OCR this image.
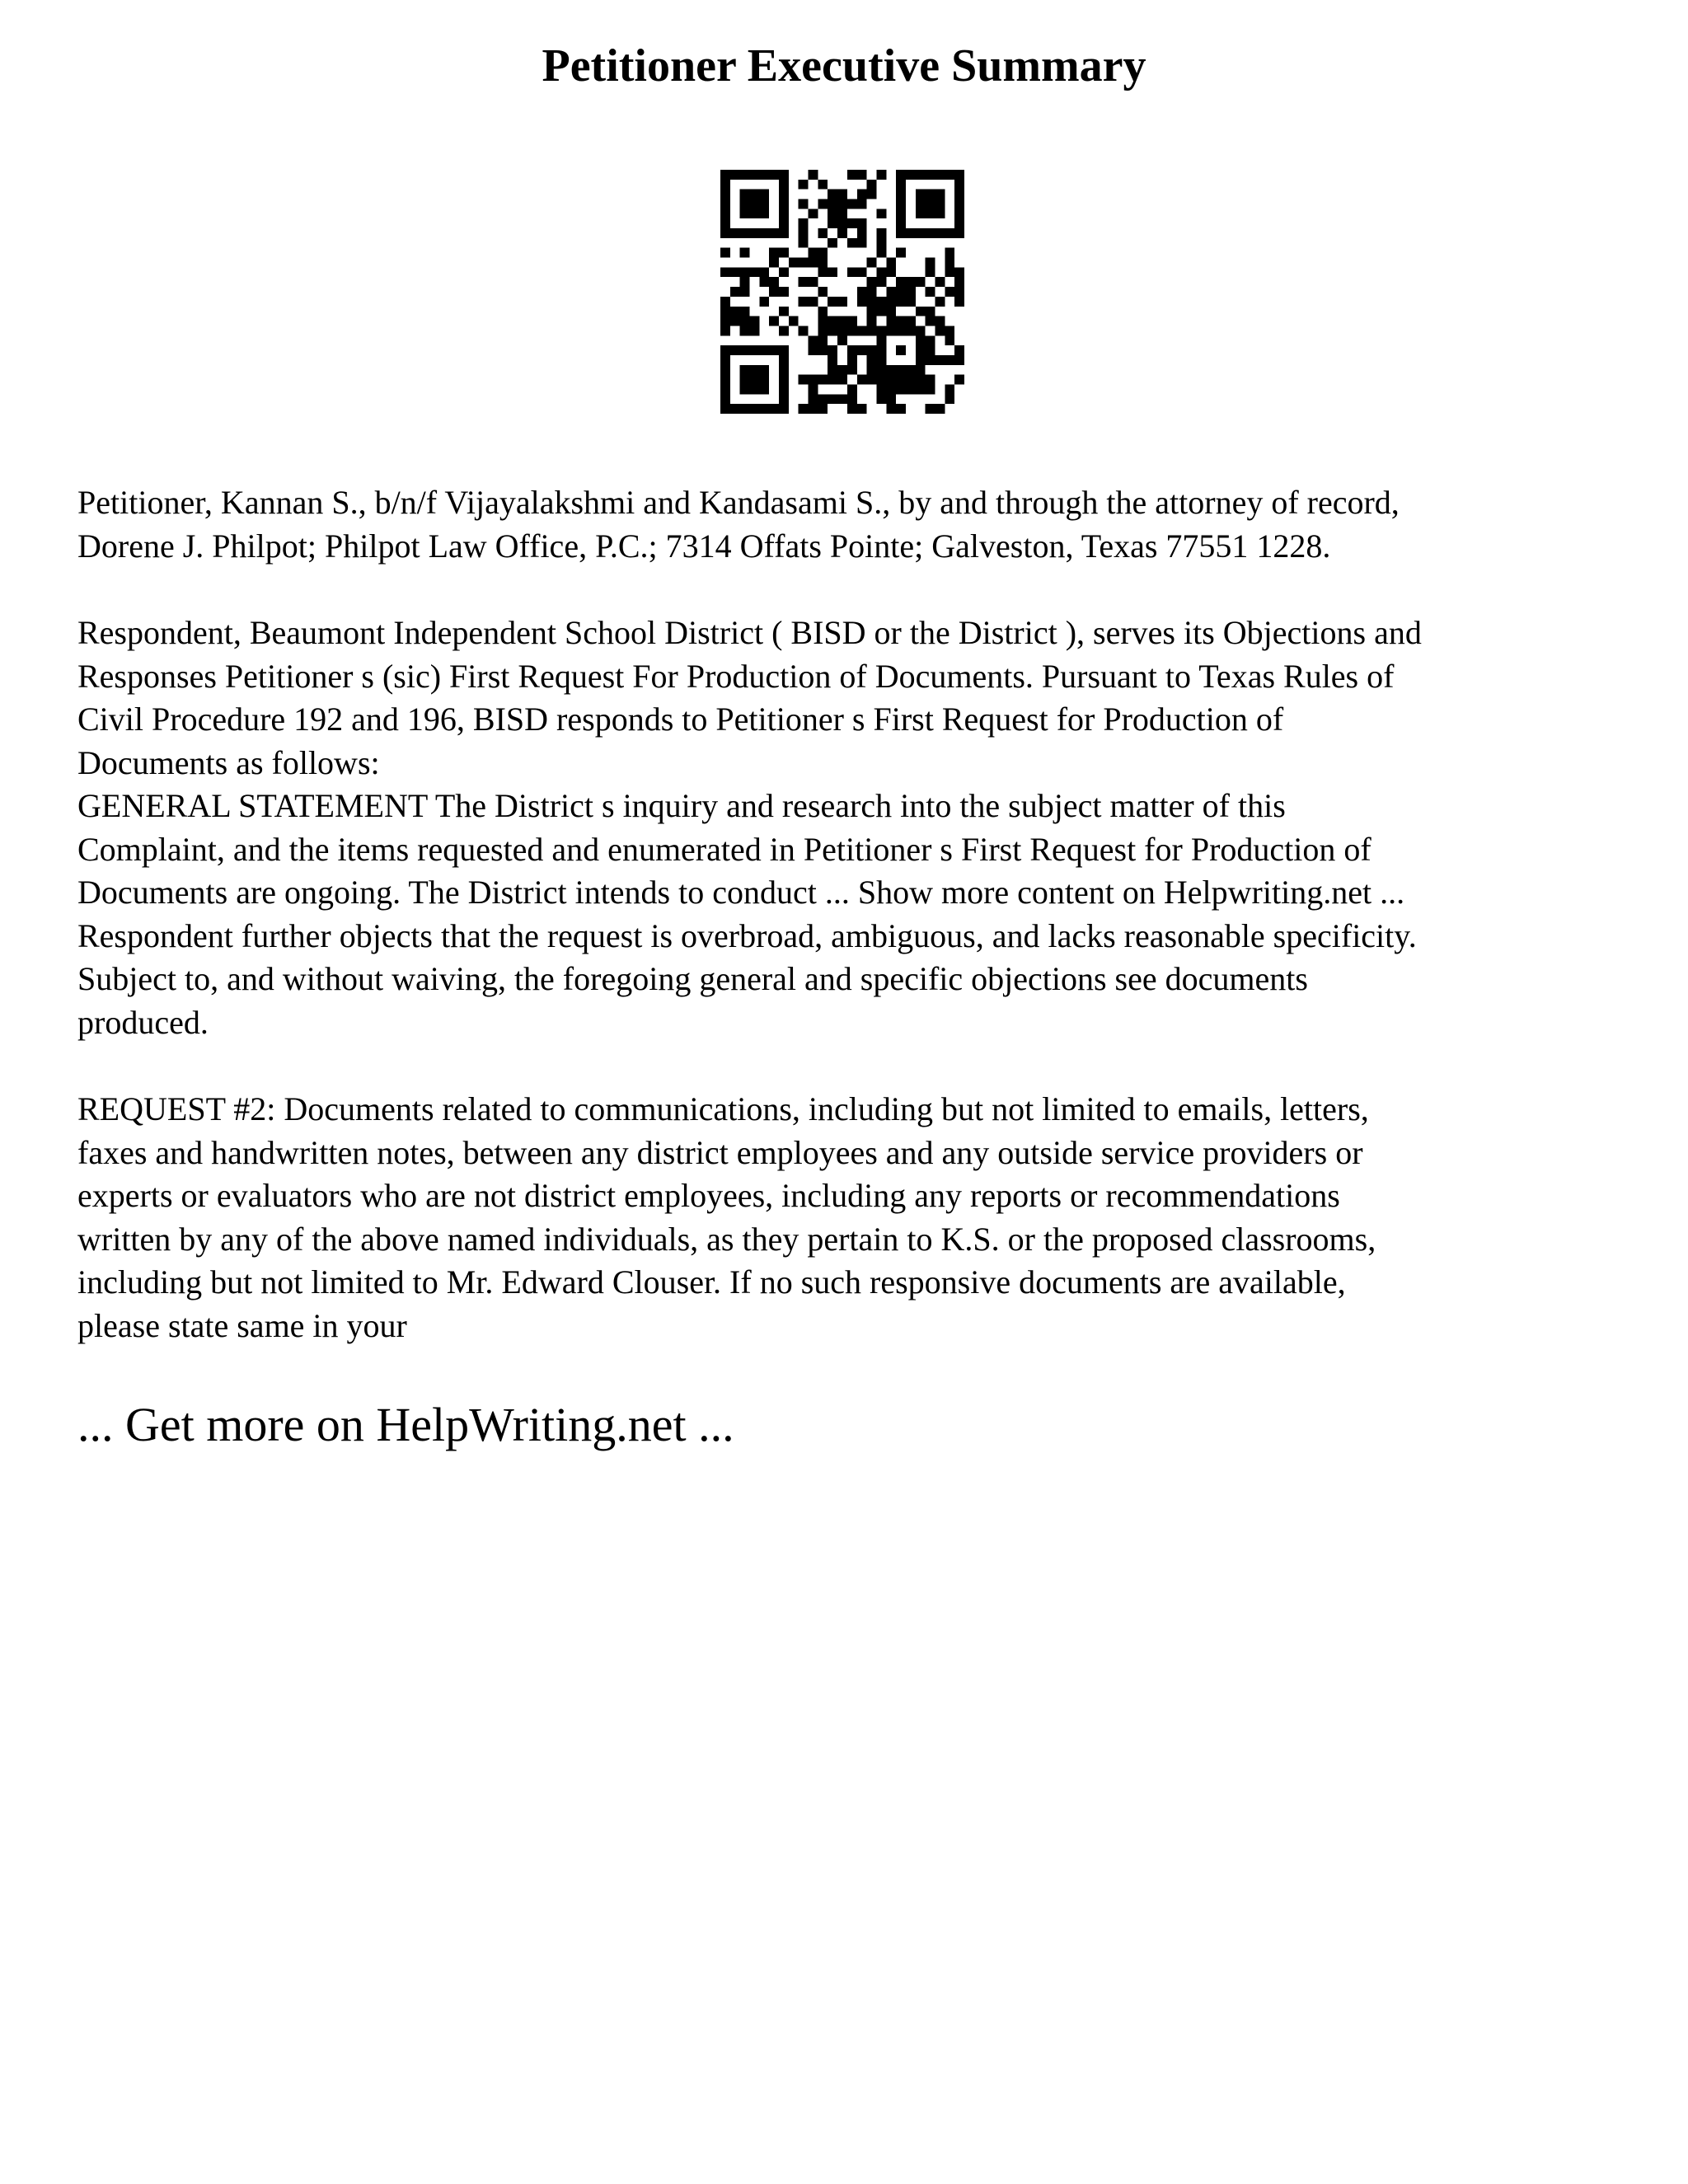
Petitioner Executive Summary
Petitioner, Kannan S., b/n/f Vijayalakshmi and Kandasami S., by and through the attorney of record,
Dorene J. Philpot; Philpot Law Office, P.C.; 7314 Offats Pointe; Galveston, Texas 77551 1228.
Respondent, Beaumont Independent School District ( BISD or the District ), serves its Objections and
Responses Petitioner s (sic) First Request For Production of Documents. Pursuant to Texas Rules of
Civil Procedure 192 and 196, BISD responds to Petitioner s First Request for Production of
Documents as follows:
GENERAL STATEMENT The District s inquiry and research into the subject matter of this
Complaint, and the items requested and enumerated in Petitioner s First Request for Production of
Documents are ongoing. The District intends to conduct ... Show more content on Helpwriting.net ...
Respondent further objects that the request is overbroad, ambiguous, and lacks reasonable specificity.
Subject to, and without waiving, the foregoing general and specific objections see documents
produced.
REQUEST #2: Documents related to communications, including but not limited to emails, letters,
faxes and handwritten notes, between any district employees and any outside service providers or
experts or evaluators who are not district employees, including any reports or recommendations
written by any of the above named individuals, as they pertain to K.S. or the proposed classrooms,
including but not limited to Mr. Edward Clouser. If no such responsive documents are available,
please state same in your
... Get more on HelpWriting.net ...
